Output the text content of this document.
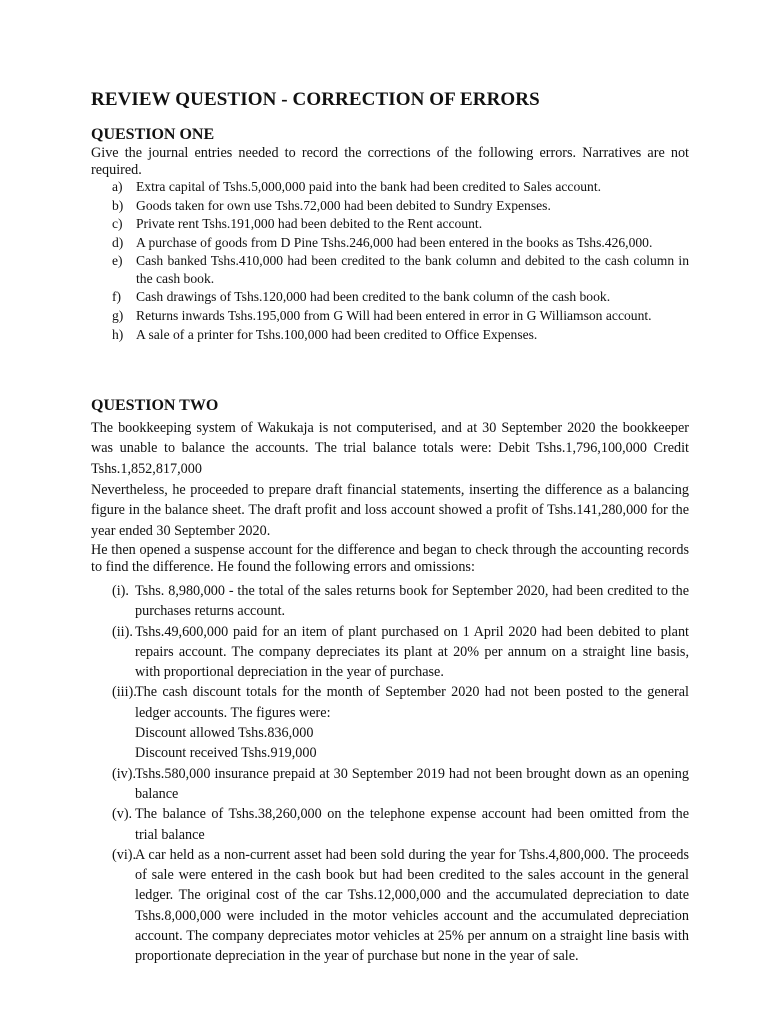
REVIEW QUESTION - CORRECTION OF ERRORS
QUESTION ONE

Give the journal entries needed to record the corrections of the following errors. Narratives are not required.

a) Extra capital of Tshs.5,000,000 paid into the bank had been credited to Sales account.
b) Goods taken for own use Tshs.72,000 had been debited to Sundry Expenses.
c) Private rent Tshs.191,000 had been debited to the Rent account.
d) A purchase of goods from D Pine Tshs.246,000 had been entered in the books as Tshs.426,000.
e) Cash banked Tshs.410,000 had been credited to the bank column and debited to the cash column in the cash book.
f) Cash drawings of Tshs.120,000 had been credited to the bank column of the cash book.
g) Returns inwards Tshs.195,000 from G Will had been entered in error in G Williamson account.
h) A sale of a printer for Tshs.100,000 had been credited to Office Expenses.
QUESTION TWO

The bookkeeping system of Wakukaja is not computerised, and at 30 September 2020 the bookkeeper was unable to balance the accounts. The trial balance totals were: Debit Tshs.1,796,100,000 Credit Tshs.1,852,817,000

Nevertheless, he proceeded to prepare draft financial statements, inserting the difference as a balancing figure in the balance sheet. The draft profit and loss account showed a profit of Tshs.141,280,000 for the year ended 30 September 2020.

He then opened a suspense account for the difference and began to check through the accounting records to find the difference. He found the following errors and omissions:

(i). Tshs. 8,980,000 - the total of the sales returns book for September 2020, had been credited to the purchases returns account.
(ii). Tshs.49,600,000 paid for an item of plant purchased on 1 April 2020 had been debited to plant repairs account. The company depreciates its plant at 20% per annum on a straight line basis, with proportional depreciation in the year of purchase.
(iii).
The cash discount totals for the month of September 2020 had not been posted to the general ledger accounts. The figures were:
Discount allowed Tshs.836,000
Discount received Tshs.919,000
(iv).
Tshs.580,000 insurance prepaid at 30 September 2019 had not been brought down as an opening balance
(v). The balance of Tshs.38,260,000 on the telephone expense account had been omitted from the trial balance
(vi).
A car held as a non-current asset had been sold during the year for Tshs.4,800,000. The proceeds of sale were entered in the cash book but had been credited to the sales account in the general ledger. The original cost of the car Tshs.12,000,000 and the accumulated depreciation to date Tshs.8,000,000 were included in the motor vehicles account and the accumulated depreciation account. The company depreciates motor vehicles at 25% per annum on a straight line basis with proportionate depreciation in the year of purchase but none in the year of sale.
